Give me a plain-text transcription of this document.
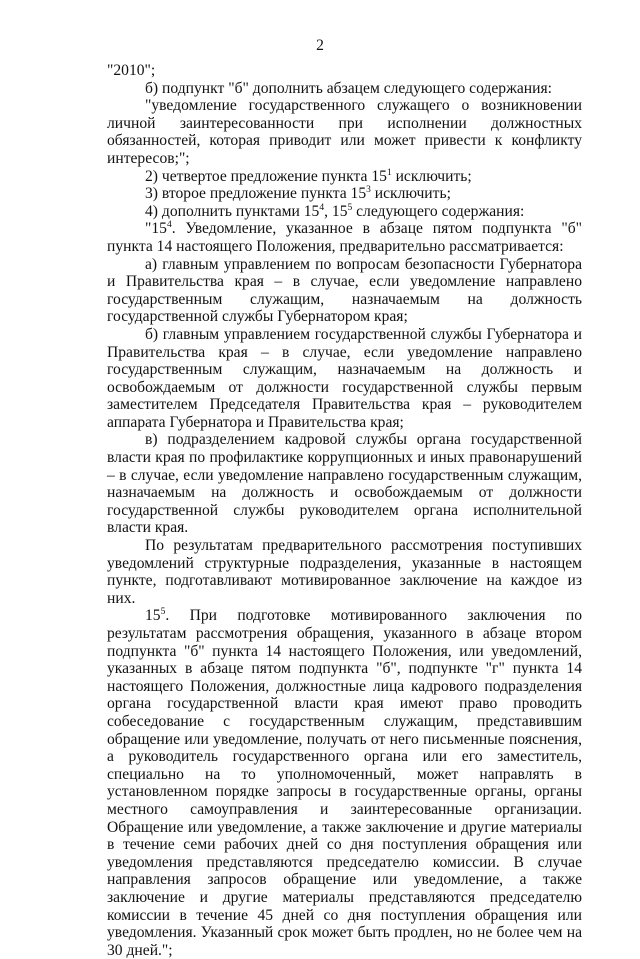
2

"2010";

б) подпункт "б" дополнить абзацем следующего содержания:

"уведомление государственного служащего о возникновении личной заинтересованности при исполнении должностных обязанностей, которая приводит или может привести к конфликту интересов;";

2) четвертое предложение пункта $15^1$ исключить;

3) второе предложение пункта $15^3$ исключить;

4) дополнить пунктами $15^4$, $15^5$ следующего содержания:

"$15^4$. Уведомление, указанное в абзаце пятом подпункта "б" пункта 14 настоящего Положения, предварительно рассматривается:

а) главным управлением по вопросам безопасности Губернатора и Правительства края – в случае, если уведомление направлено государственным служащим, назначаемым на должность государственной службы Губернатором края;

б) главным управлением государственной службы Губернатора и Правительства края – в случае, если уведомление направлено государственным служащим, назначаемым на должность и освобождаемым от должности государственной службы первым заместителем Председателя Правительства края – руководителем аппарата Губернатора и Правительства края;

в) подразделением кадровой службы органа государственной власти края по профилактике коррупционных и иных правонарушений – в случае, если уведомление направлено государственным служащим, назначаемым на должность и освобождаемым от должности государственной службы руководителем органа исполнительной власти края.

По результатам предварительного рассмотрения поступивших уведомлений структурные подразделения, указанные в настоящем пункте, подготавливают мотивированное заключение на каждое из них.

$15^5$. При подготовке мотивированного заключения по результатам рассмотрения обращения, указанного в абзаце втором подпункта "б" пункта 14 настоящего Положения, или уведомлений, указанных в абзаце пятом подпункта "б", подпункте "г" пункта 14 настоящего Положения, должностные лица кадрового подразделения органа государственной власти края имеют право проводить собеседование с государственным служащим, представившим обращение или уведомление, получать от него письменные пояснения, а руководитель государственного органа или его заместитель, специально на то уполномоченный, может направлять в установленном порядке запросы в государственные органы, органы местного самоуправления и заинтересованные организации. Обращение или уведомление, а также заключение и другие материалы в течение семи рабочих дней со дня поступления обращения или уведомления представляются председателю комиссии. В случае направления запросов обращение или уведомление, а также заключение и другие материалы представляются председателю комиссии в течение 45 дней со дня поступления обращения или уведомления. Указанный срок может быть продлен, но не более чем на 30 дней.";
